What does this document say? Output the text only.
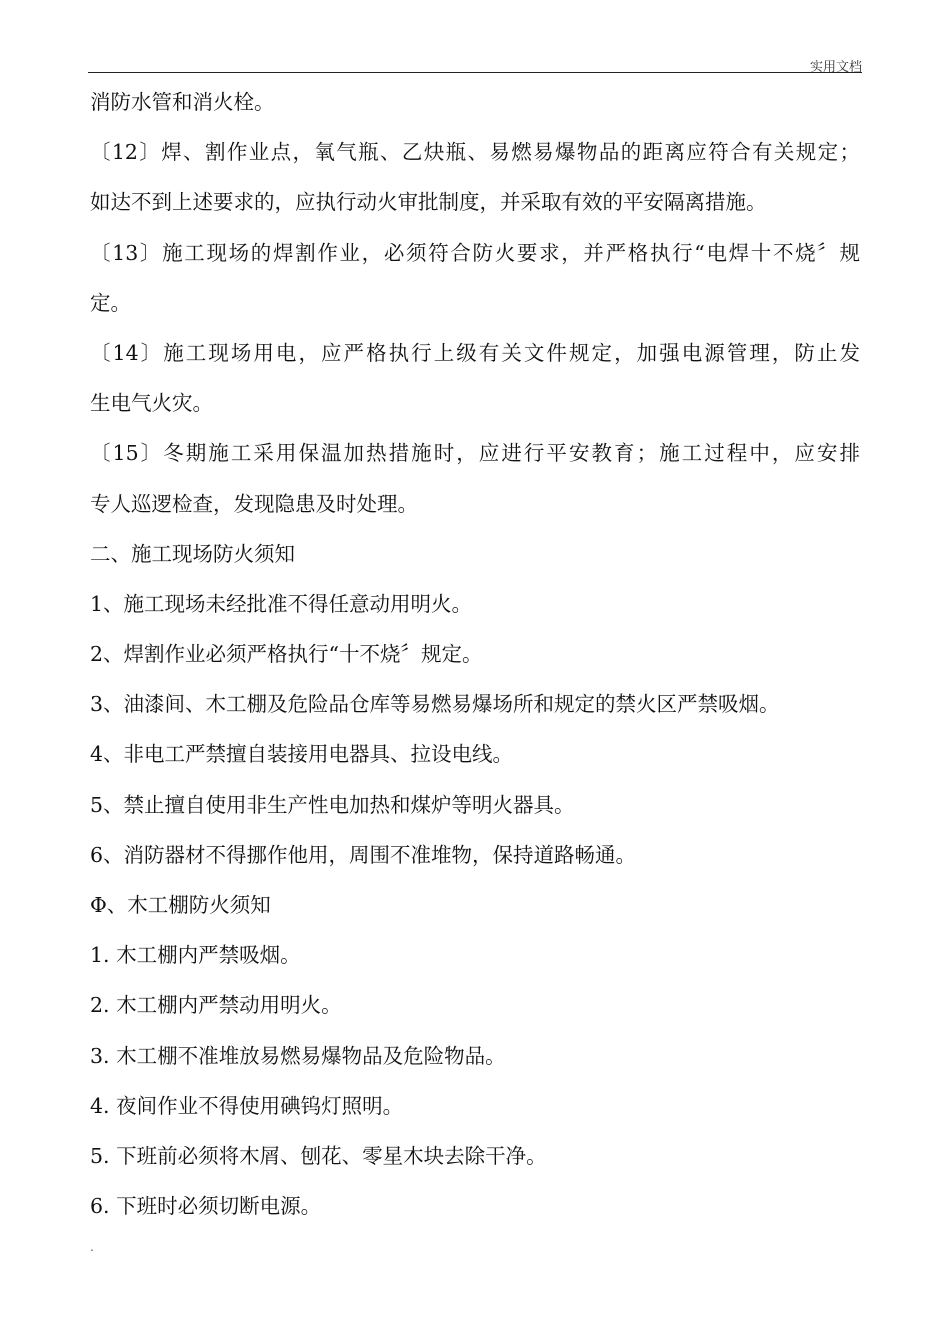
实用文档
消防水管和消火栓。
〔12〕焊、割作业点，氧气瓶、乙炔瓶、易燃易爆物品的距离应符合有关规定；
如达不到上述要求的，应执行动火审批制度，并采取有效的平安隔离措施。
〔13〕施工现场的焊割作业，必须符合防火要求，并严格执行“电焊十不烧〞规
定。
〔14〕施工现场用电，应严格执行上级有关文件规定，加强电源管理，防止发
生电气火灾。
〔15〕冬期施工采用保温加热措施时，应进行平安教育；施工过程中，应安排
专人巡逻检查，发现隐患及时处理。
二、施工现场防火须知
1、施工现场未经批准不得任意动用明火。
2、焊割作业必须严格执行“十不烧〞规定。
3、油漆间、木工棚及危险品仓库等易燃易爆场所和规定的禁火区严禁吸烟。
4、非电工严禁擅自装接用电器具、拉设电线。
5、禁止擅自使用非生产性电加热和煤炉等明火器具。
6、消防器材不得挪作他用，周围不准堆物，保持道路畅通。
Φ、木工棚防火须知
1. 木工棚内严禁吸烟。
2. 木工棚内严禁动用明火。
3. 木工棚不准堆放易燃易爆物品及危险物品。
4. 夜间作业不得使用碘钨灯照明。
5. 下班前必须将木屑、刨花、零星木块去除干净。
6. 下班时必须切断电源。
.
